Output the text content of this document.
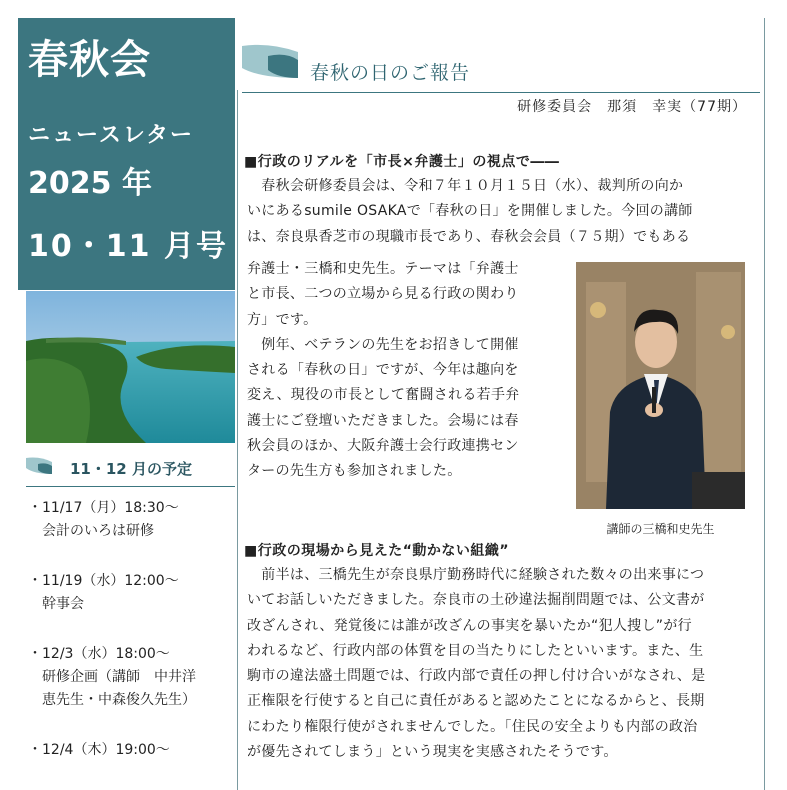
春秋会
ニュースレター
2025 年
10・11 月号
11・12 月の予定
・11/17（月）18:30～
会計のいろは研修
・11/19（水）12:00～
幹事会
・12/3（水）18:00～
研修企画（講師　中井洋
恵先生・中森俊久先生）
・12/4（木）19:00～
春秋の日のご報告
研修委員会　那須　幸実（77期）
■行政のリアルを「市長×弁護士」の視点で――

　春秋会研修委員会は、令和７年１０月１５日（水）、裁判所の向か
いにあるsumile OSAKAで「春秋の日」を開催しました。今回の講師
は、奈良県香芝市の現職市長であり、春秋会会員（７５期）でもある

弁護士・三橋和史先生。テーマは「弁護士
と市長、二つの立場から見る行政の関わり
方」です。
　例年、ベテランの先生をお招きして開催
される「春秋の日」ですが、今年は趣向を
変え、現役の市長として奮闘される若手弁
護士にご登壇いただきました。会場には春
秋会員のほか、大阪弁護士会行政連携セン
ターの先生方も参加されました。

講師の三橋和史先生
■行政の現場から見えた“動かない組織”

　前半は、三橋先生が奈良県庁勤務時代に経験された数々の出来事につ
いてお話しいただきました。奈良市の土砂違法掘削問題では、公文書が
改ざんされ、発覚後には誰が改ざんの事実を暴いたか“犯人捜し”が行
われるなど、行政内部の体質を目の当たりにしたといいます。また、生
駒市の違法盛土問題では、行政内部で責任の押し付け合いがなされ、是
正権限を行使すると自己に責任があると認めたことになるからと、長期
にわたり権限行使がされませんでした。「住民の安全よりも内部の政治
が優先されてしまう」という現実を実感されたそうです。
